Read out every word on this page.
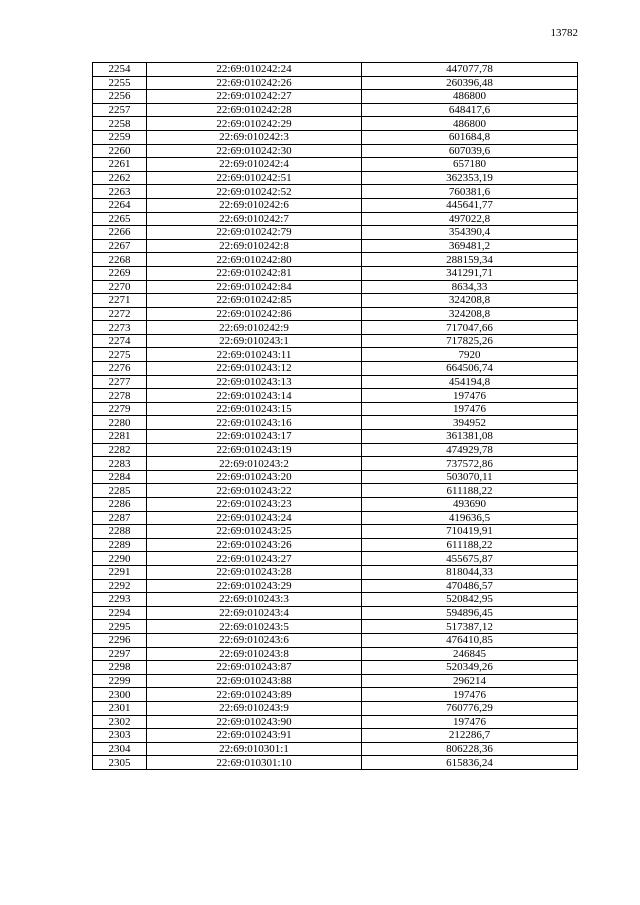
13782
2254	22:69:010242:24	447077,78
2255	22:69:010242:26	260396,48
2256	22:69:010242:27	486800
2257	22:69:010242:28	648417,6
2258	22:69:010242:29	486800
2259	22:69:010242:3	601684,8
2260	22:69:010242:30	607039,6
2261	22:69:010242:4	657180
2262	22:69:010242:51	362353,19
2263	22:69:010242:52	760381,6
2264	22:69:010242:6	445641,77
2265	22:69:010242:7	497022,8
2266	22:69:010242:79	354390,4
2267	22:69:010242:8	369481,2
2268	22:69:010242:80	288159,34
2269	22:69:010242:81	341291,71
2270	22:69:010242:84	8634,33
2271	22:69:010242:85	324208,8
2272	22:69:010242:86	324208,8
2273	22:69:010242:9	717047,66
2274	22:69:010243:1	717825,26
2275	22:69:010243:11	7920
2276	22:69:010243:12	664506,74
2277	22:69:010243:13	454194,8
2278	22:69:010243:14	197476
2279	22:69:010243:15	197476
2280	22:69:010243:16	394952
2281	22:69:010243:17	361381,08
2282	22:69:010243:19	474929,78
2283	22:69:010243:2	737572,86
2284	22:69:010243:20	503070,11
2285	22:69:010243:22	611188,22
2286	22:69:010243:23	493690
2287	22:69:010243:24	419636,5
2288	22:69:010243:25	710419,91
2289	22:69:010243:26	611188,22
2290	22:69:010243:27	455675,87
2291	22:69:010243:28	818044,33
2292	22:69:010243:29	470486,57
2293	22:69:010243:3	520842,95
2294	22:69:010243:4	594896,45
2295	22:69:010243:5	517387,12
2296	22:69:010243:6	476410,85
2297	22:69:010243:8	246845
2298	22:69:010243:87	520349,26
2299	22:69:010243:88	296214
2300	22:69:010243:89	197476
2301	22:69:010243:9	760776,29
2302	22:69:010243:90	197476
2303	22:69:010243:91	212286,7
2304	22:69:010301:1	806228,36
2305	22:69:010301:10	615836,24
